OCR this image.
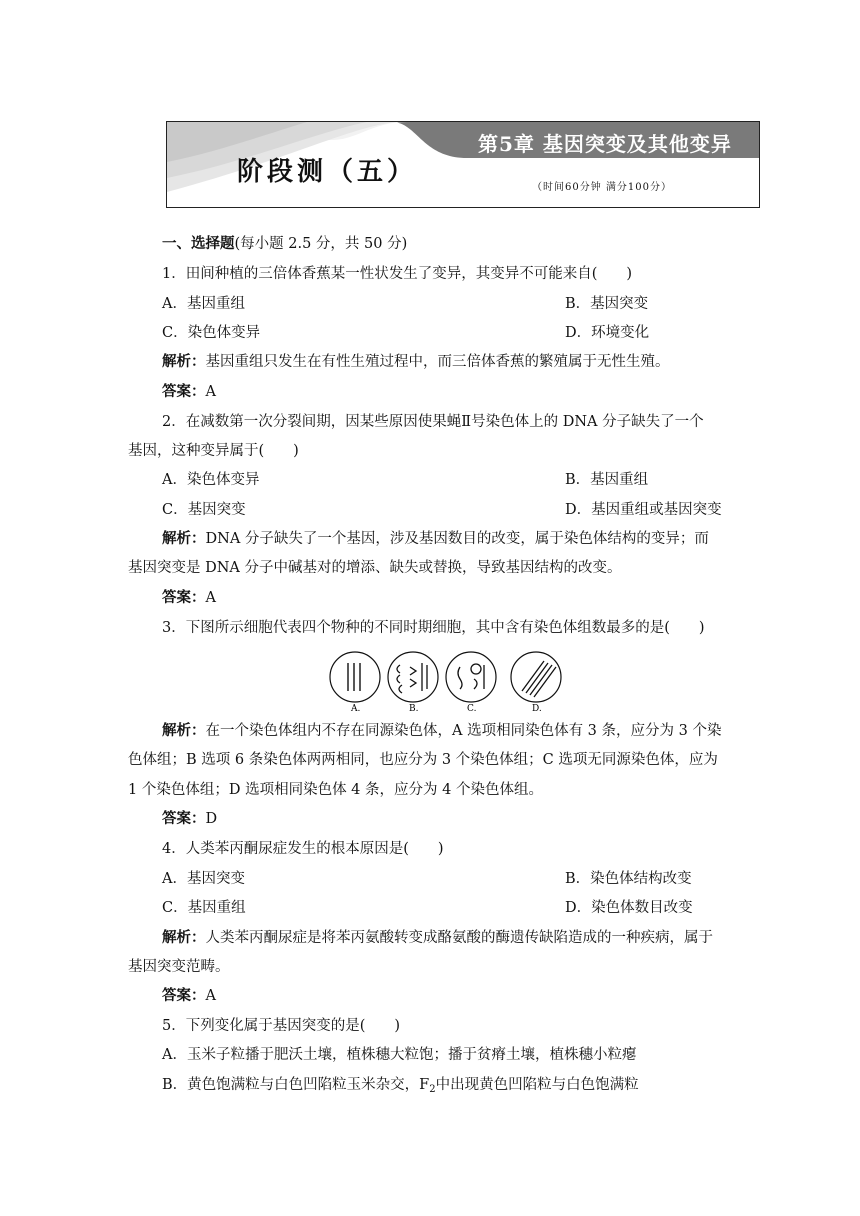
阶段测（五）
第5章 基因突变及其他变异
（时间60分钟 满分100分）
一、选择题(每小题 2.5 分，共 50 分)
1．田间种植的三倍体香蕉某一性状发生了变异，其变异不可能来自(　　)
A．基因重组	B．基因突变
C．染色体变异	D．环境变化
解析：基因重组只发生在有性生殖过程中，而三倍体香蕉的繁殖属于无性生殖。
答案：A
2．在减数第一次分裂间期，因某些原因使果蝇Ⅱ号染色体上的 DNA 分子缺失了一个
基因，这种变异属于(　　)
A．染色体变异	B．基因重组
C．基因突变	D．基因重组或基因突变
解析：DNA 分子缺失了一个基因，涉及基因数目的改变，属于染色体结构的变异；而
基因突变是 DNA 分子中碱基对的增添、缺失或替换，导致基因结构的改变。
答案：A
3．下图所示细胞代表四个物种的不同时期细胞，其中含有染色体组数最多的是(　　)
A.	B.	C.	D.
解析：在一个染色体组内不存在同源染色体，A 选项相同染色体有 3 条，应分为 3 个染
色体组；B 选项 6 条染色体两两相同，也应分为 3 个染色体组；C 选项无同源染色体，应为
1 个染色体组；D 选项相同染色体 4 条，应分为 4 个染色体组。
答案：D
4．人类苯丙酮尿症发生的根本原因是(　　)
A．基因突变	B．染色体结构改变
C．基因重组	D．染色体数目改变
解析：人类苯丙酮尿症是将苯丙氨酸转变成酪氨酸的酶遗传缺陷造成的一种疾病，属于
基因突变范畴。
答案：A
5．下列变化属于基因突变的是(　　)
A．玉米子粒播于肥沃土壤，植株穗大粒饱；播于贫瘠土壤，植株穗小粒瘪
B．黄色饱满粒与白色凹陷粒玉米杂交，$F_2$中出现黄色凹陷粒与白色饱满粒
